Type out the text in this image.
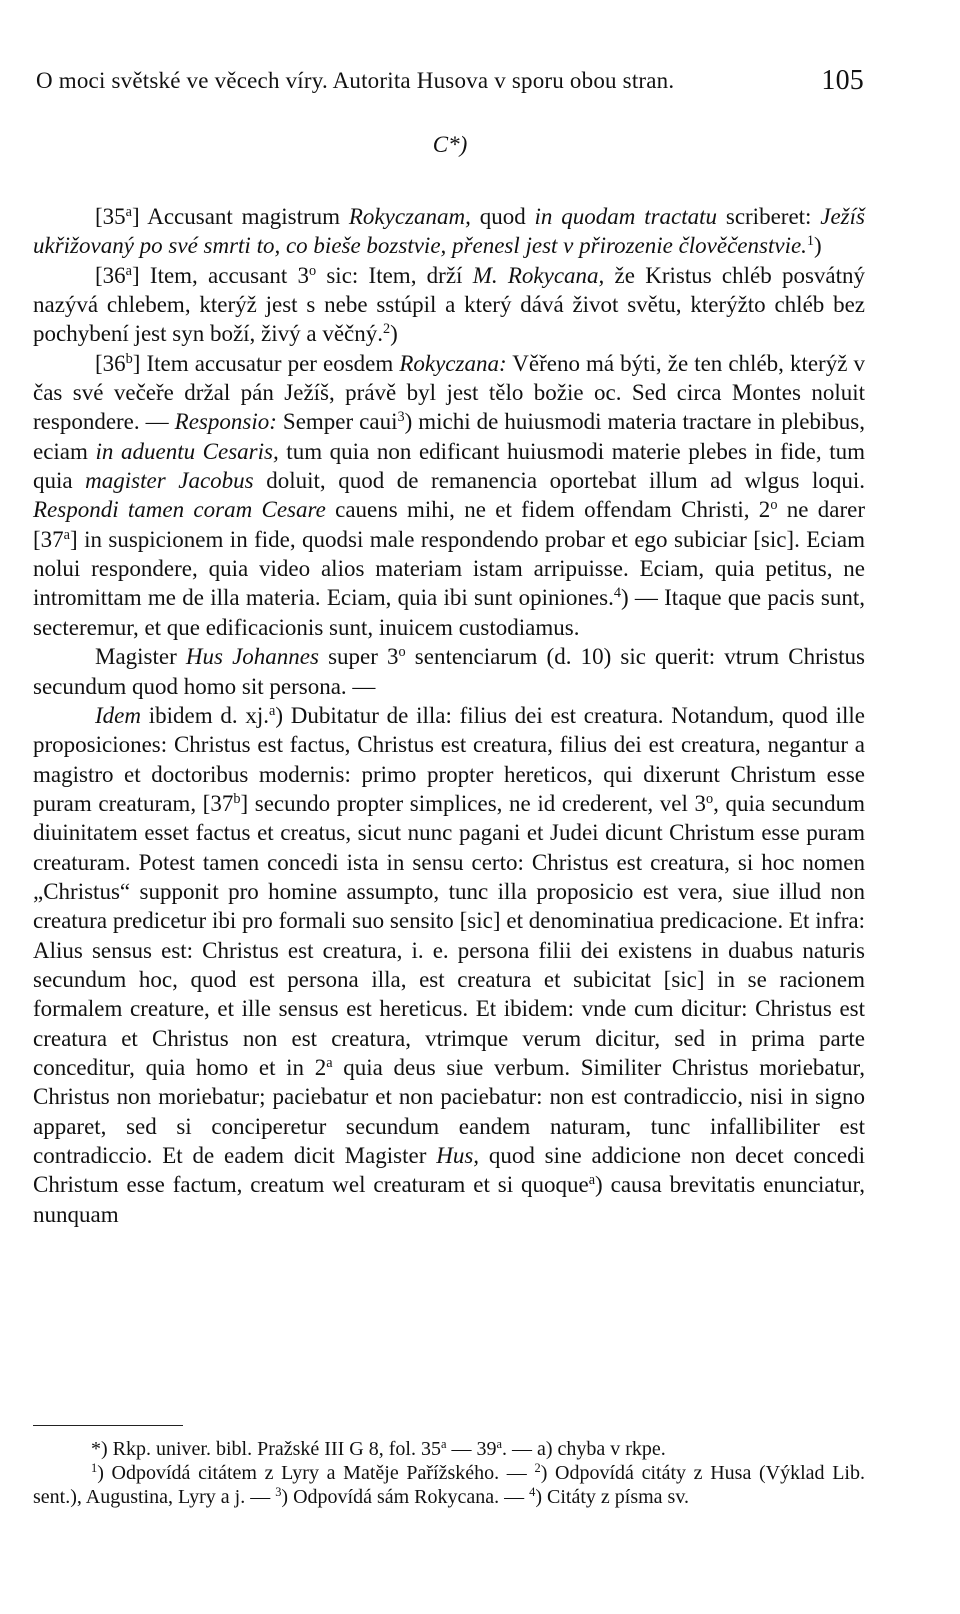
O moci světské ve věcech víry. Autorita Husova v sporu obou stran.	105
C*)

[35$^a$] Accusant magistrum Rokyczanam, quod in quodam tractatu scriberet: Ježíš ukřižovaný po své smrti to, co bieše bozstvie, přenesl jest v přirozenie člověčenstvie.$^1$)

[36$^a$] Item, accusant 3$^o$ sic: Item, drží M. Rokycana, že Kristus chléb posvátný nazývá chlebem, kterýž jest s nebe sstúpil a který dává život světu, kterýžto chléb bez pochybení jest syn boží, živý a věčný.$^2$)

[36$^b$] Item accusatur per eosdem Rokyczana: Věřeno má býti, že ten chléb, kterýž v čas své večeře držal pán Ježíš, právě byl jest tělo božie oc. Sed circa Montes noluit respondere. — Responsio: Semper caui$^3$) michi de huiusmodi materia tractare in plebibus, eciam in aduentu Cesaris, tum quia non edificant huiusmodi materie plebes in fide, tum quia magister Jacobus doluit, quod de remanencia oportebat illum ad wlgus loqui. Respondi tamen coram Cesare cauens mihi, ne et fidem offendam Christi, 2$^o$ ne darer [37$^a$] in suspicionem in fide, quodsi male respondendo probar et ego subiciar [sic]. Eciam nolui respondere, quia video alios materiam istam arripuisse. Eciam, quia petitus, ne intromittam me de illa materia. Eciam, quia ibi sunt opiniones.$^4$) — Itaque que pacis sunt, secteremur, et que edificacionis sunt, inuicem custodiamus.

Magister Hus Johannes super 3$^o$ sentenciarum (d. 10) sic querit: vtrum Christus secundum quod homo sit persona. —

Idem ibidem d. xj.$^a$) Dubitatur de illa: filius dei est creatura. Notandum, quod ille proposiciones: Christus est factus, Christus est creatura, filius dei est creatura, negantur a magistro et doctoribus modernis: primo propter hereticos, qui dixerunt Christum esse puram creaturam, [37$^b$] secundo propter simplices, ne id crederent, vel 3$^o$, quia secundum diuinitatem esset factus et creatus, sicut nunc pagani et Judei dicunt Christum esse puram creaturam. Potest tamen concedi ista in sensu certo: Christus est creatura, si hoc nomen „Christus“ supponit pro homine assumpto, tunc illa proposicio est vera, siue illud non creatura predicetur ibi pro formali suo sensito [sic] et denominatiua predicacione. Et infra: Alius sensus est: Christus est creatura, i. e. persona filii dei existens in duabus naturis secundum hoc, quod est persona illa, est creatura et subicitat [sic] in se racionem formalem creature, et ille sensus est hereticus. Et ibidem: vnde cum dicitur: Christus est creatura et Christus non est creatura, vtrimque verum dicitur, sed in prima parte conceditur, quia homo et in 2$^a$ quia deus siue verbum. Similiter Christus moriebatur, Christus non moriebatur; paciebatur et non paciebatur: non est contradiccio, nisi in signo apparet, sed si conciperetur secundum eandem naturam, tunc infallibiliter est contradiccio. Et de eadem dicit Magister Hus, quod sine addicione non decet concedi Christum esse factum, creatum wel creaturam et si quoque$^a$) causa brevitatis enunciatur, nunquam

*) Rkp. univer. bibl. Pražské III G 8, fol. 35$^a$ — 39$^a$. — a) chyba v rkpe.

$^1$) Odpovídá citátem z Lyry a Matěje Pařížského. — $^2$) Odpovídá citáty z Husa (Výklad Lib. sent.), Augustina, Lyry a j. — $^3$) Odpovídá sám Rokycana. — $^4$) Citáty z písma sv.
